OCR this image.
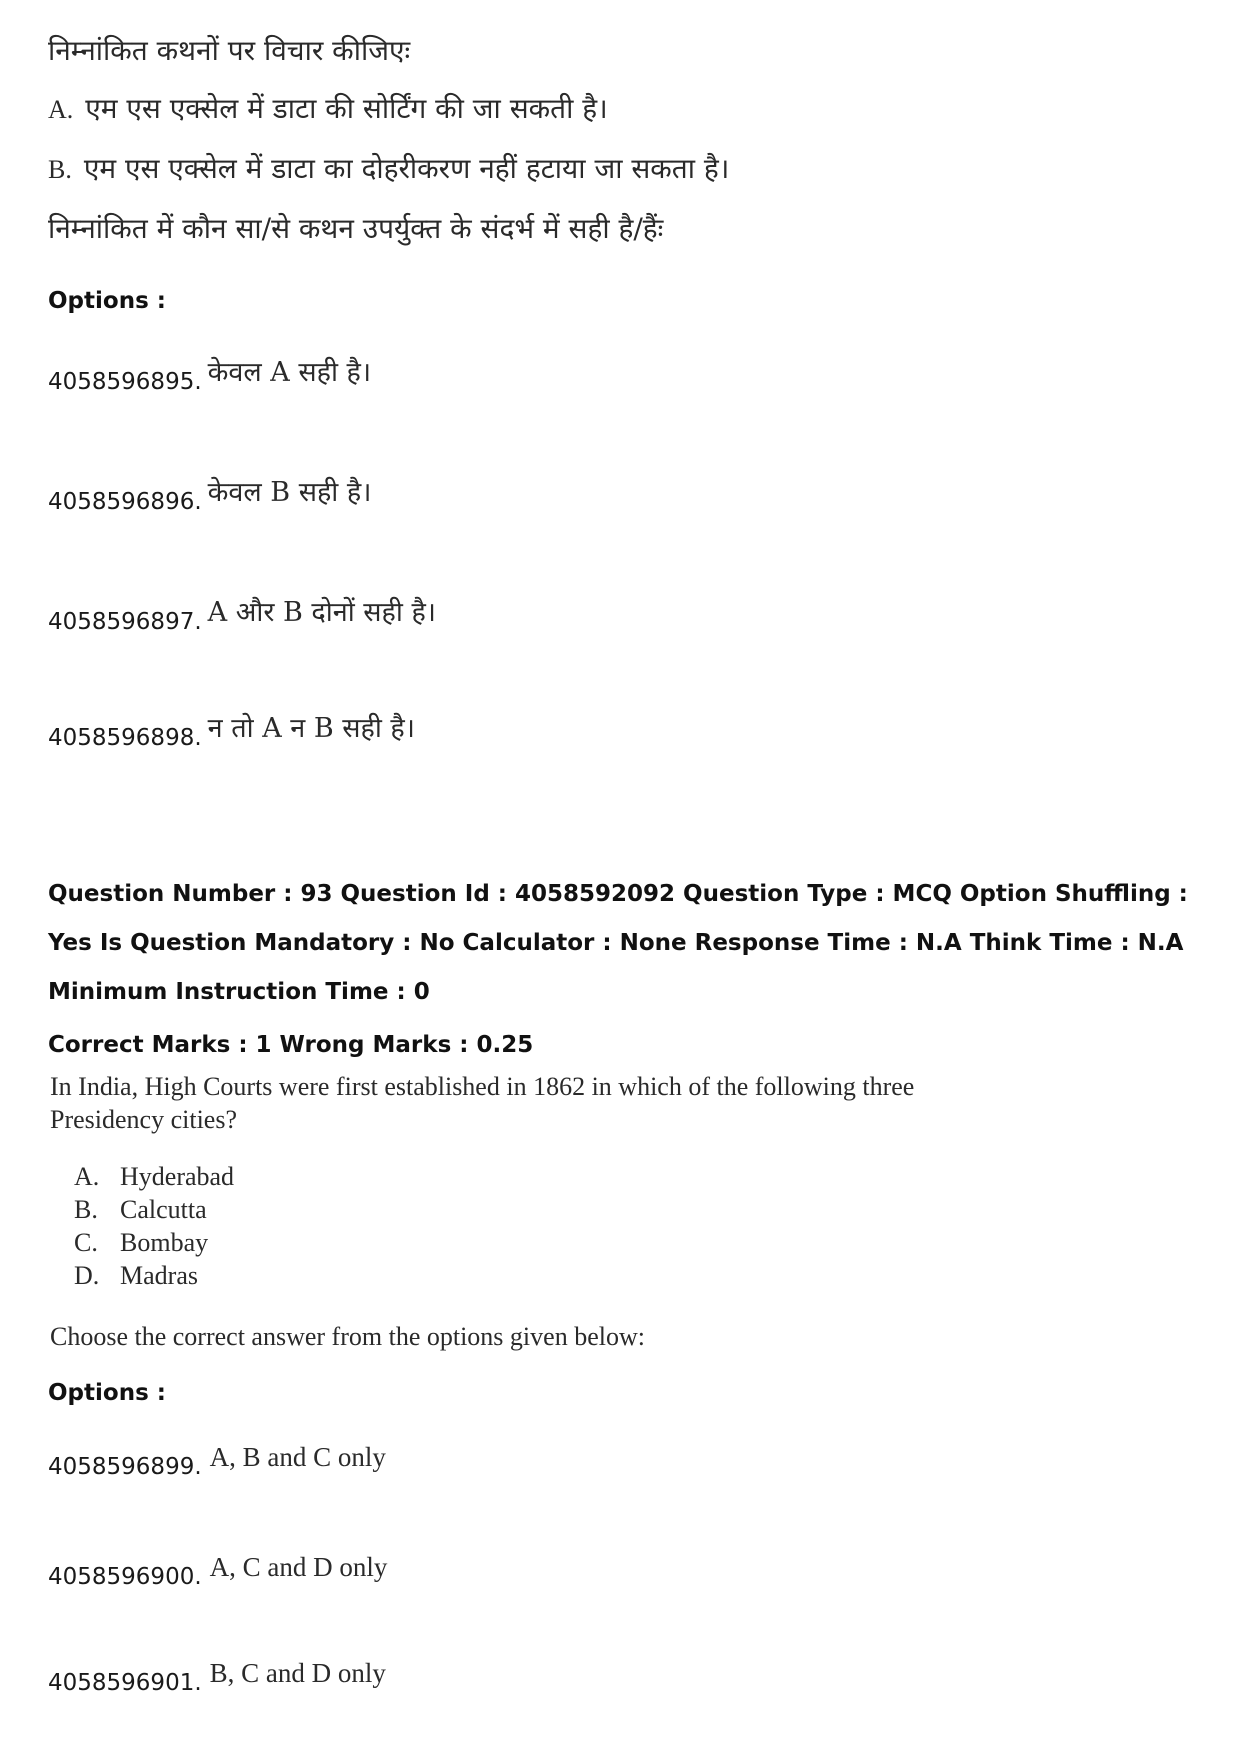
निम्नांकित कथनों पर विचार कीजिएः
A. एम एस एक्सेल में डाटा की सोर्टिंग की जा सकती है।
B. एम एस एक्सेल में डाटा का दोहरीकरण नहीं हटाया जा सकता है।
निम्नांकित में कौन सा/से कथन उपर्युक्त के संदर्भ में सही है/हैंः
Options :
4058596895. केवल A सही है।
4058596896. केवल B सही है।
4058596897. A और B दोनों सही है।
4058596898. न तो A न B सही है।
Question Number : 93 Question Id : 4058592092 Question Type : MCQ Option Shuffling : Yes Is Question Mandatory : No Calculator : None Response Time : N.A Think Time : N.A Minimum Instruction Time : 0
Correct Marks : 1 Wrong Marks : 0.25
In India, High Courts were first established in 1862 in which of the following three Presidency cities?
A. Hyderabad
B. Calcutta
C. Bombay
D. Madras
Choose the correct answer from the options given below:
Options :
4058596899. A, B and C only
4058596900. A, C and D only
4058596901. B, C and D only
